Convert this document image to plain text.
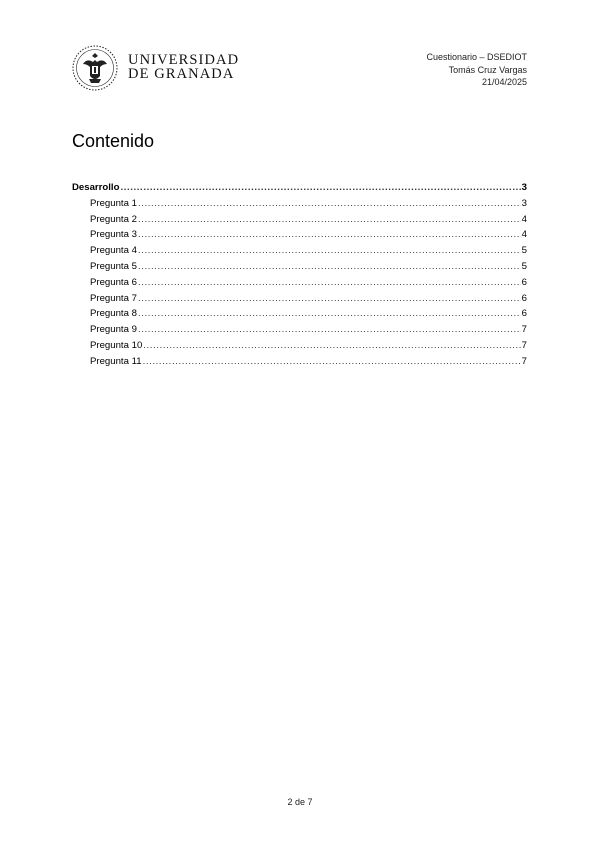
UNIVERSIDAD
DE GRANADA
Cuestionario – DSEDIOT
Tomás Cruz Vargas
21/04/2025
Contenido
Desarrollo .....	3
Pregunta 1 .....	3
Pregunta 2 .....	4
Pregunta 3 .....	4
Pregunta 4 .....	5
Pregunta 5 .....	5
Pregunta 6 .....	6
Pregunta 7 .....	6
Pregunta 8 .....	6
Pregunta 9 .....	7
Pregunta 10 .....	7
Pregunta 11 .....	7
2 de 7
